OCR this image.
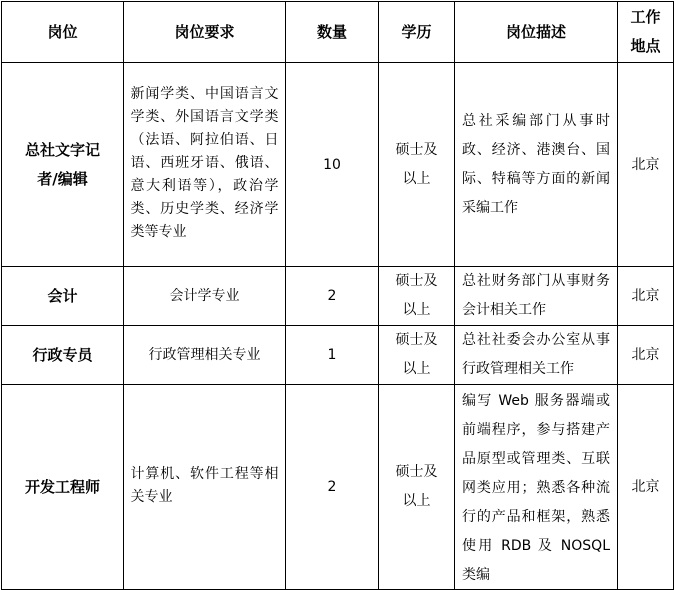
岗位	岗位要求	数量	学历	岗位描述	工作地点
总社文字记者/编辑	新闻学类、中国语言文学类、外国语言文学类（法语、阿拉伯语、日语、西班牙语、俄语、意大利语等），政治学类、历史学类、经济学类等专业	10	硕士及以上	总社采编部门从事时政、经济、港澳台、国际、特稿等方面的新闻采编工作	北京
会计	会计学专业	2	硕士及以上	总社财务部门从事财务会计相关工作	北京
行政专员	行政管理相关专业	1	硕士及以上	总社社委会办公室从事行政管理相关工作	北京
开发工程师	计算机、软件工程等相关专业	2	硕士及以上	编写 Web 服务器端或前端程序，参与搭建产品原型或管理类、互联网类应用；熟悉各种流行的产品和框架，熟悉使用 RDB 及 NOSQL 类编	北京
